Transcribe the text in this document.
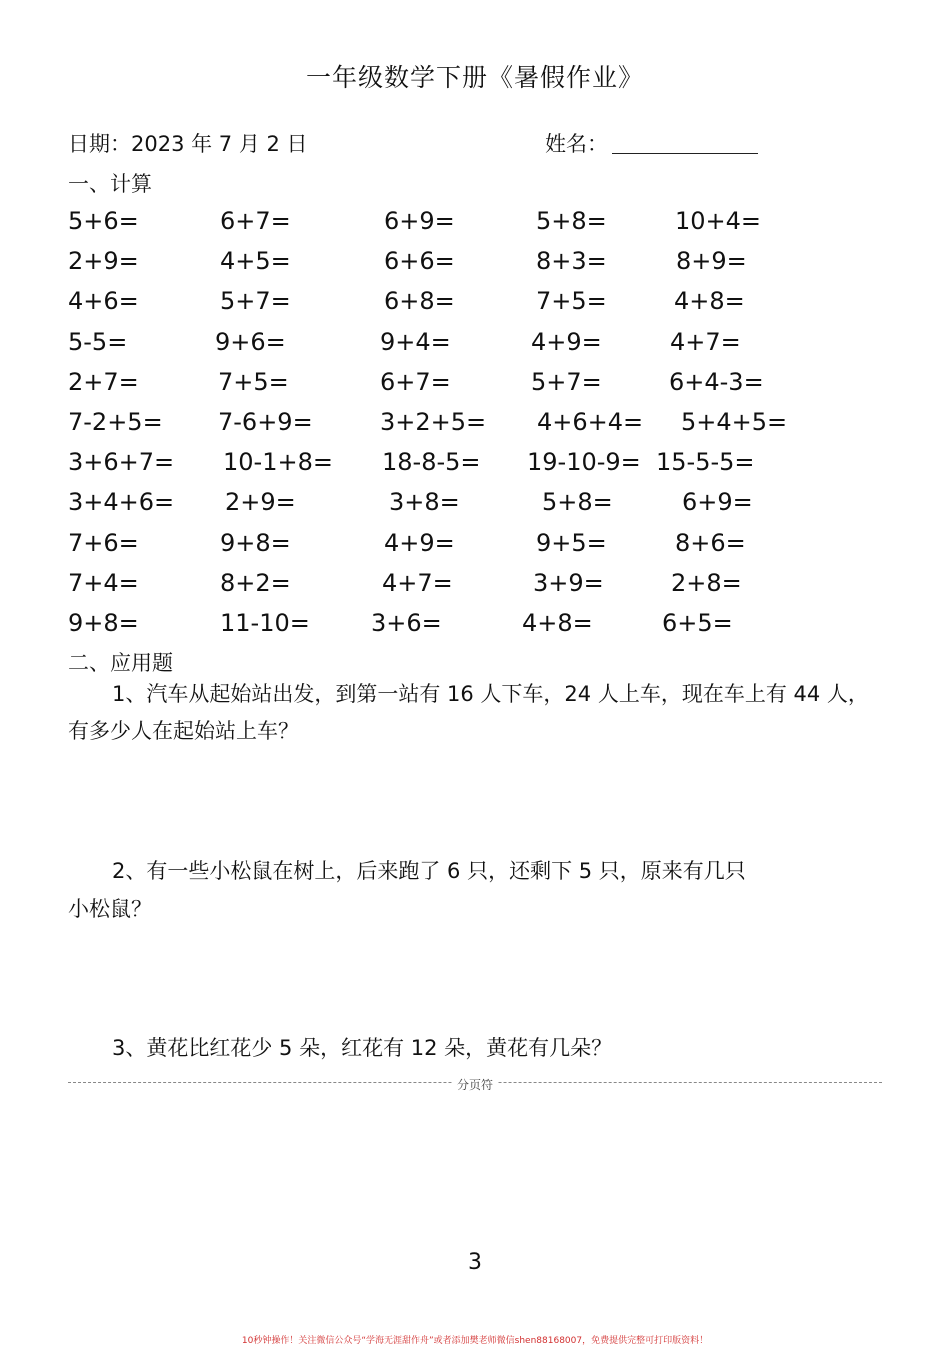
一年级数学下册《暑假作业》
日期：2023 年 7 月 2 日	姓名：
一、计算
5+6=	6+7=	6+9=	5+8=	10+4=
2+9=	4+5=	6+6=	8+3=	8+9=
4+6=	5+7=	6+8=	7+5=	4+8=
5-5=	9+6=	9+4=	4+9=	4+7=
2+7=	7+5=	6+7=	5+7=	6+4-3=
7-2+5= 7-6+9=	3+2+5= 4+6+4= 5+4+5=
3+6+7= 10-1+8= 18-8-5= 19-10-9= 15-5-5=
3+4+6= 2+9=	3+8=	5+8=	6+9=
7+6=	9+8=	4+9=	9+5=	8+6=
7+4=	8+2=	4+7=	3+9=	2+8=
9+8=	11-10=	3+6=	4+8=	6+5=
二、应用题
1、汽车从起始站出发，到第一站有 16 人下车，24 人上车，现在车上有 44 人，
有多少人在起始站上车？
2、有一些小松鼠在树上，后来跑了 6 只，还剩下 5 只，原来有几只
小松鼠？
3、黄花比红花少 5 朵，红花有 12 朵，黄花有几朵？
分页符
3
10秒钟操作！关注微信公众号“学海无涯甜作舟”或者添加樊老师微信shen88168007，免费提供完整可打印版资料！
